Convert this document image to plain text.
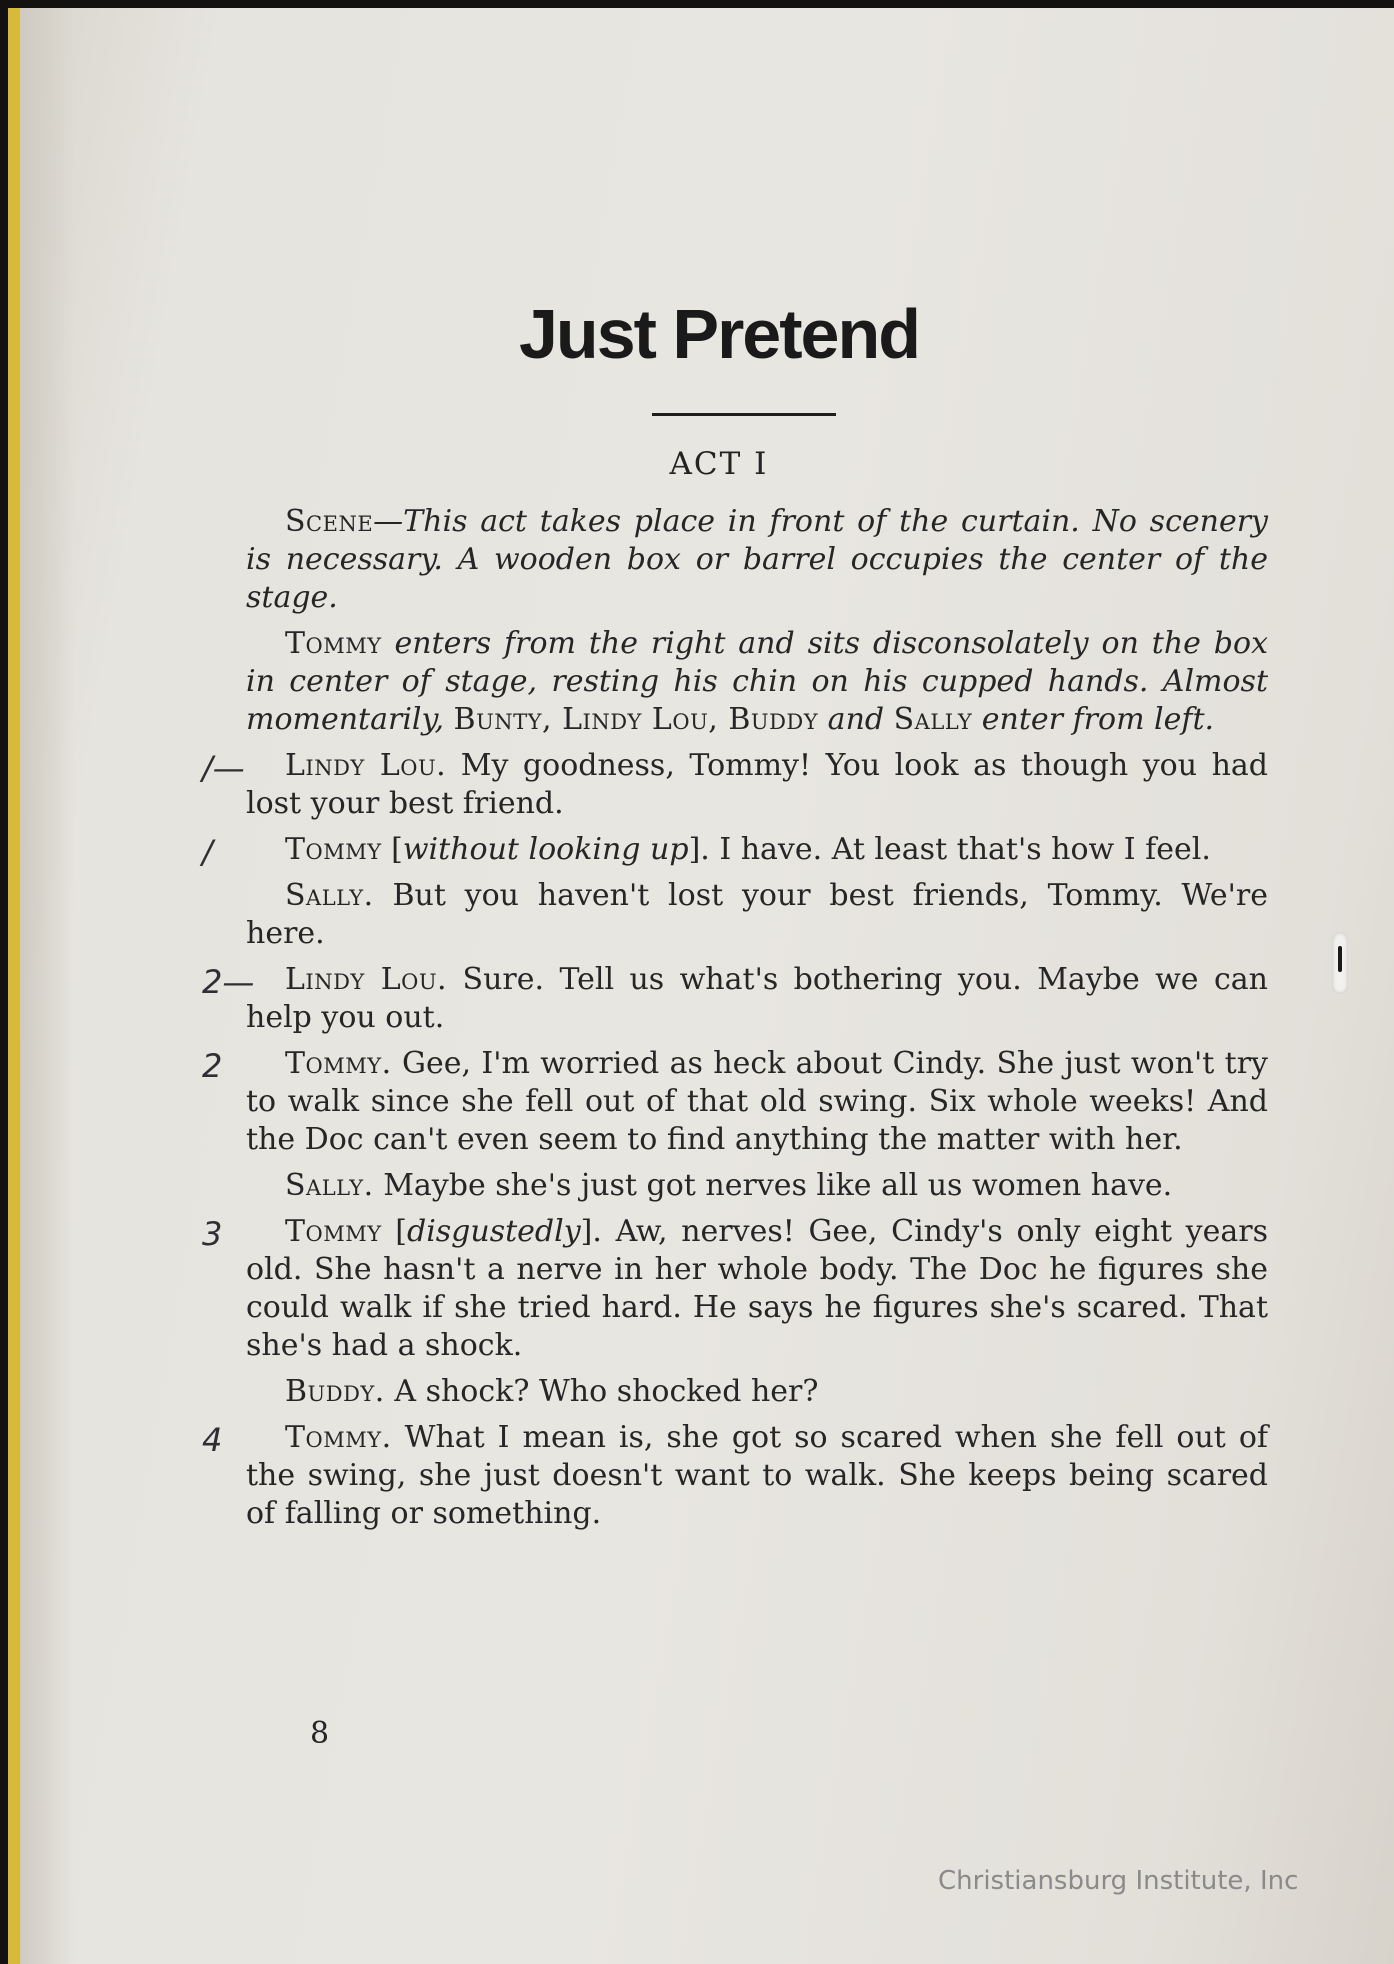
Just Pretend
ACT I

Scene—This act takes place in front of the curtain. No scenery is necessary. A wooden box or barrel occupies the center of the stage.

Tommy enters from the right and sits disconsolately on the box in center of stage, resting his chin on his cupped hands. Almost momentarily, Bunty, Lindy Lou, Buddy and Sally enter from left.

/—	Lindy Lou. My goodness, Tommy! You look as though you had lost your best friend.

/	Tommy [without looking up]. I have. At least that's how I feel.

Sally. But you haven't lost your best friends, Tommy. We're here.

2—	Lindy Lou. Sure. Tell us what's bothering you. Maybe we can help you out.

2	Tommy. Gee, I'm worried as heck about Cindy. She just won't try to walk since she fell out of that old swing. Six whole weeks! And the Doc can't even seem to find anything the matter with her.

Sally. Maybe she's just got nerves like all us women have.

3	Tommy [disgustedly]. Aw, nerves! Gee, Cindy's only eight years old. She hasn't a nerve in her whole body. The Doc he figures she could walk if she tried hard. He says he figures she's scared. That she's had a shock.

Buddy. A shock? Who shocked her?

4	Tommy. What I mean is, she got so scared when she fell out of the swing, she just doesn't want to walk. She keeps being scared of falling or something.

8
Christiansburg Institute, Inc
